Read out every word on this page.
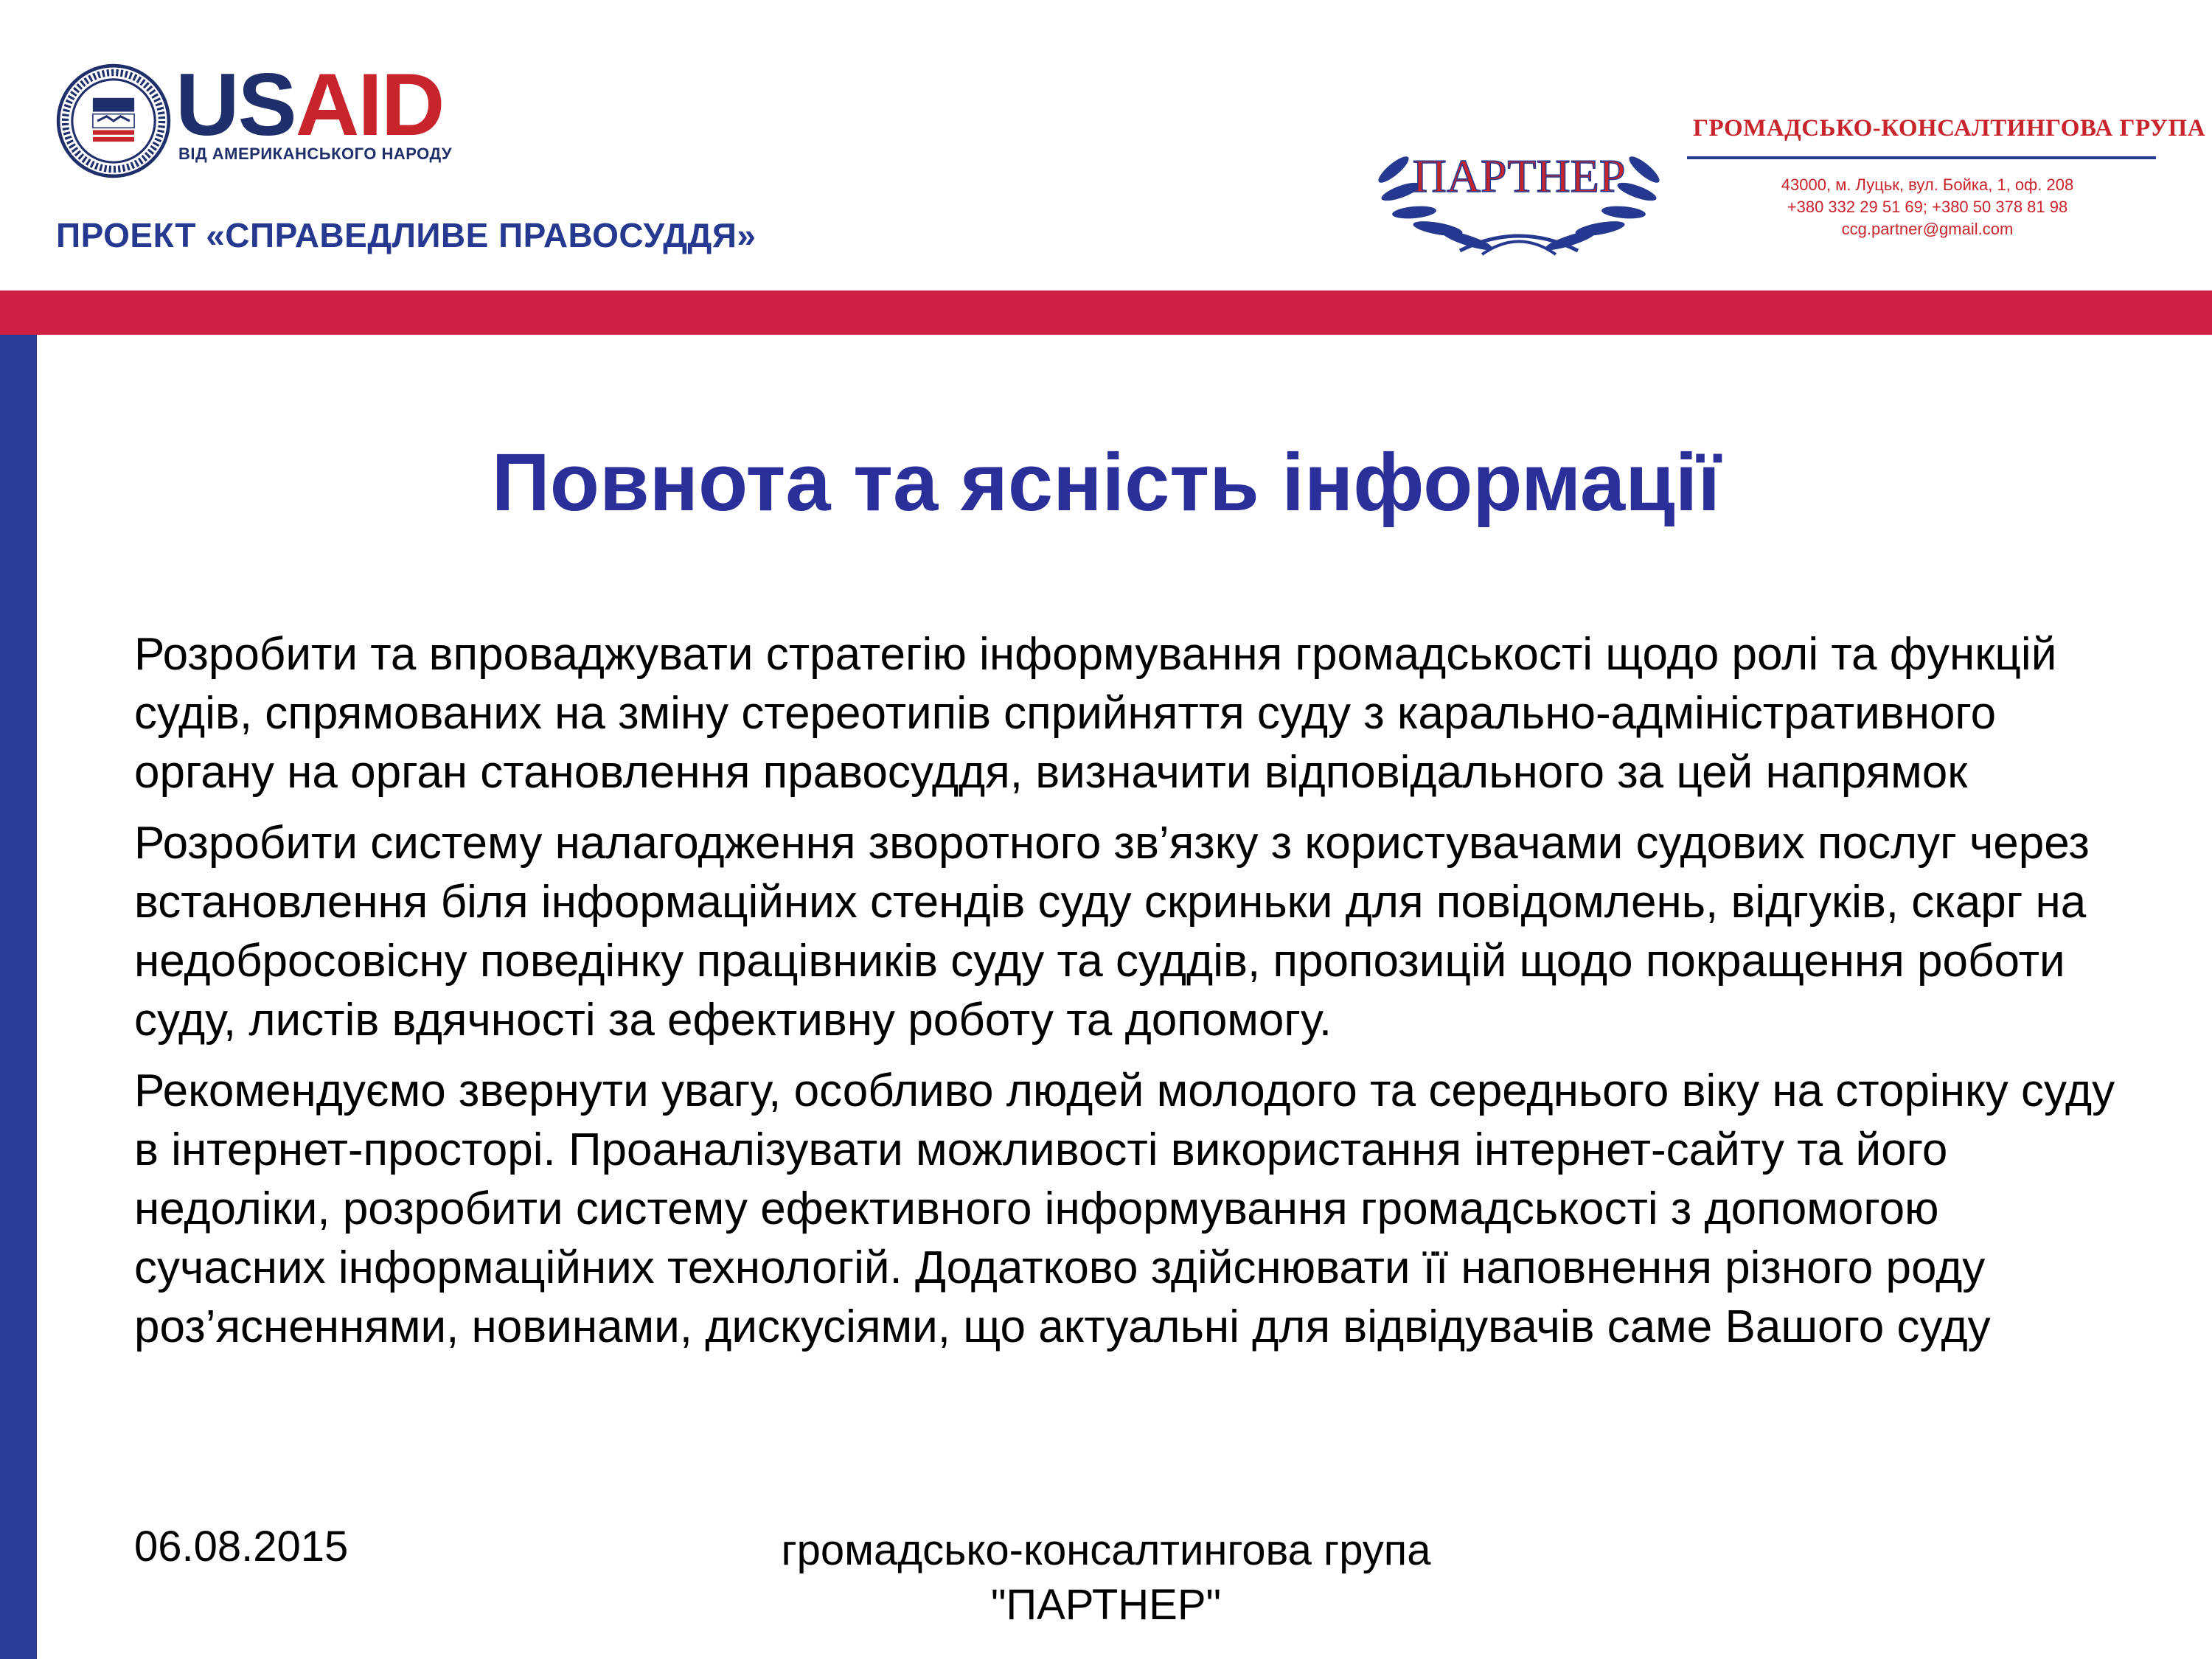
USAID
ВІД АМЕРИКАНСЬКОГО НАРОДУ
ПРОЕКТ «СПРАВЕДЛИВЕ ПРАВОСУДДЯ»
ПАРТНЕР
ГРОМАДСЬКО-КОНСАЛТИНГОВА ГРУПА
43000, м. Луцьк, вул. Бойка, 1, оф. 208
+380 332 29 51 69; +380 50 378 81 98
ccg.partner@gmail.com
Повнота та ясність інформації

Розробити та впроваджувати стратегію інформування громадськості щодо ролі та функцій судів, спрямованих на зміну стереотипів сприйняття суду з карально-адміністративного органу на орган становлення правосуддя, визначити відповідального за цей напрямок

Розробити систему налагодження зворотного зв’язку з користувачами судових послуг через встановлення біля інформаційних стендів суду скриньки для повідомлень, відгуків, скарг на недобросовісну поведінку працівників суду та суддів, пропозицій щодо покращення роботи суду, листів вдячності за ефективну роботу та допомогу.

Рекомендуємо звернути увагу, особливо людей молодого та середнього віку на сторінку суду в інтернет-просторі. Проаналізувати можливості використання інтернет-сайту та його недоліки, розробити систему ефективного інформування громадськості з допомогою сучасних інформаційних технологій. Додатково здійснювати її наповнення різного роду роз’ясненнями, новинами, дискусіями, що актуальні для відвідувачів саме Вашого суду

06.08.2015	громадсько-консалтингова група
"ПАРТНЕР"
